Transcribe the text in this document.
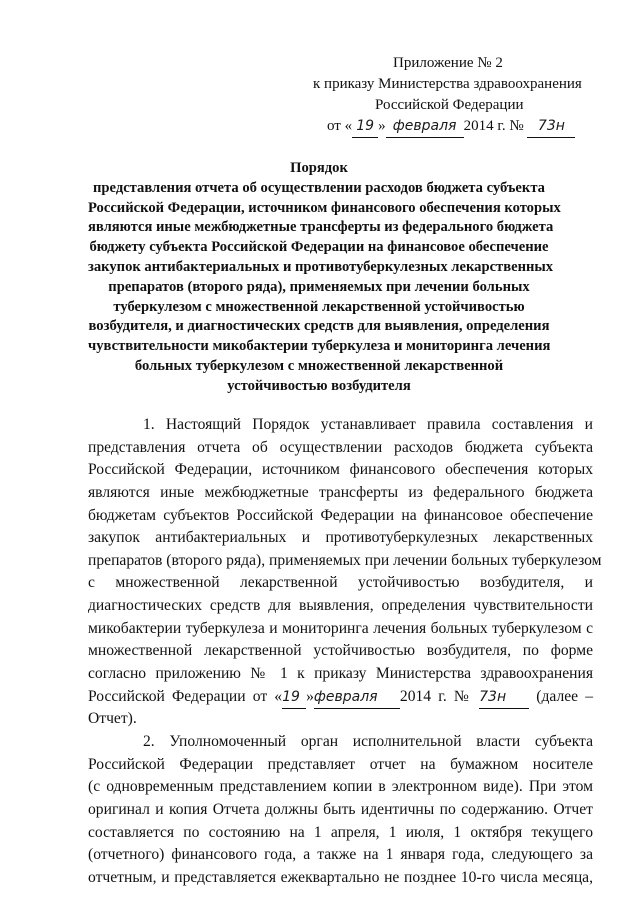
Приложение № 2
к приказу Министерства здравоохранения
Российской Федерации
от « 19 » февраля 2014 г. № 73н
Порядок
представления отчета об осуществлении расходов бюджета субъекта
Российской Федерации, источником финансового обеспечения которых
являются иные межбюджетные трансферты из федерального бюджета
бюджету субъекта Российской Федерации на финансовое обеспечение
закупок антибактериальных и противотуберкулезных лекарственных
препаратов (второго ряда), применяемых при лечении больных
туберкулезом с множественной лекарственной устойчивостью
возбудителя, и диагностических средств для выявления, определения
чувствительности микобактерии туберкулеза и мониторинга лечения
больных туберкулезом с множественной лекарственной
устойчивостью возбудителя
1. Настоящий Порядок устанавливает правила составления и
представления отчета об осуществлении расходов бюджета субъекта
Российской Федерации, источником финансового обеспечения которых
являются иные межбюджетные трансферты из федерального бюджета
бюджетам субъектов Российской Федерации на финансовое обеспечение
закупок антибактериальных и противотуберкулезных лекарственных
препаратов (второго ряда), применяемых при лечении больных туберкулезом
с множественной лекарственной устойчивостью возбудителя, и
диагностических средств для выявления, определения чувствительности
микобактерии туберкулеза и мониторинга лечения больных туберкулезом с
множественной лекарственной устойчивостью возбудителя, по форме
согласно приложению № 1 к приказу Министерства здравоохранения
Российской Федерации от «19 »февраля 2014 г. № 73н (далее –
Отчет).
2. Уполномоченный орган исполнительной власти субъекта
Российской Федерации представляет отчет на бумажном носителе
(с одновременным представлением копии в электронном виде). При этом
оригинал и копия Отчета должны быть идентичны по содержанию. Отчет
составляется по состоянию на 1 апреля, 1 июля, 1 октября текущего
(отчетного) финансового года, а также на 1 января года, следующего за
отчетным, и представляется ежеквартально не позднее 10-го числа месяца,
